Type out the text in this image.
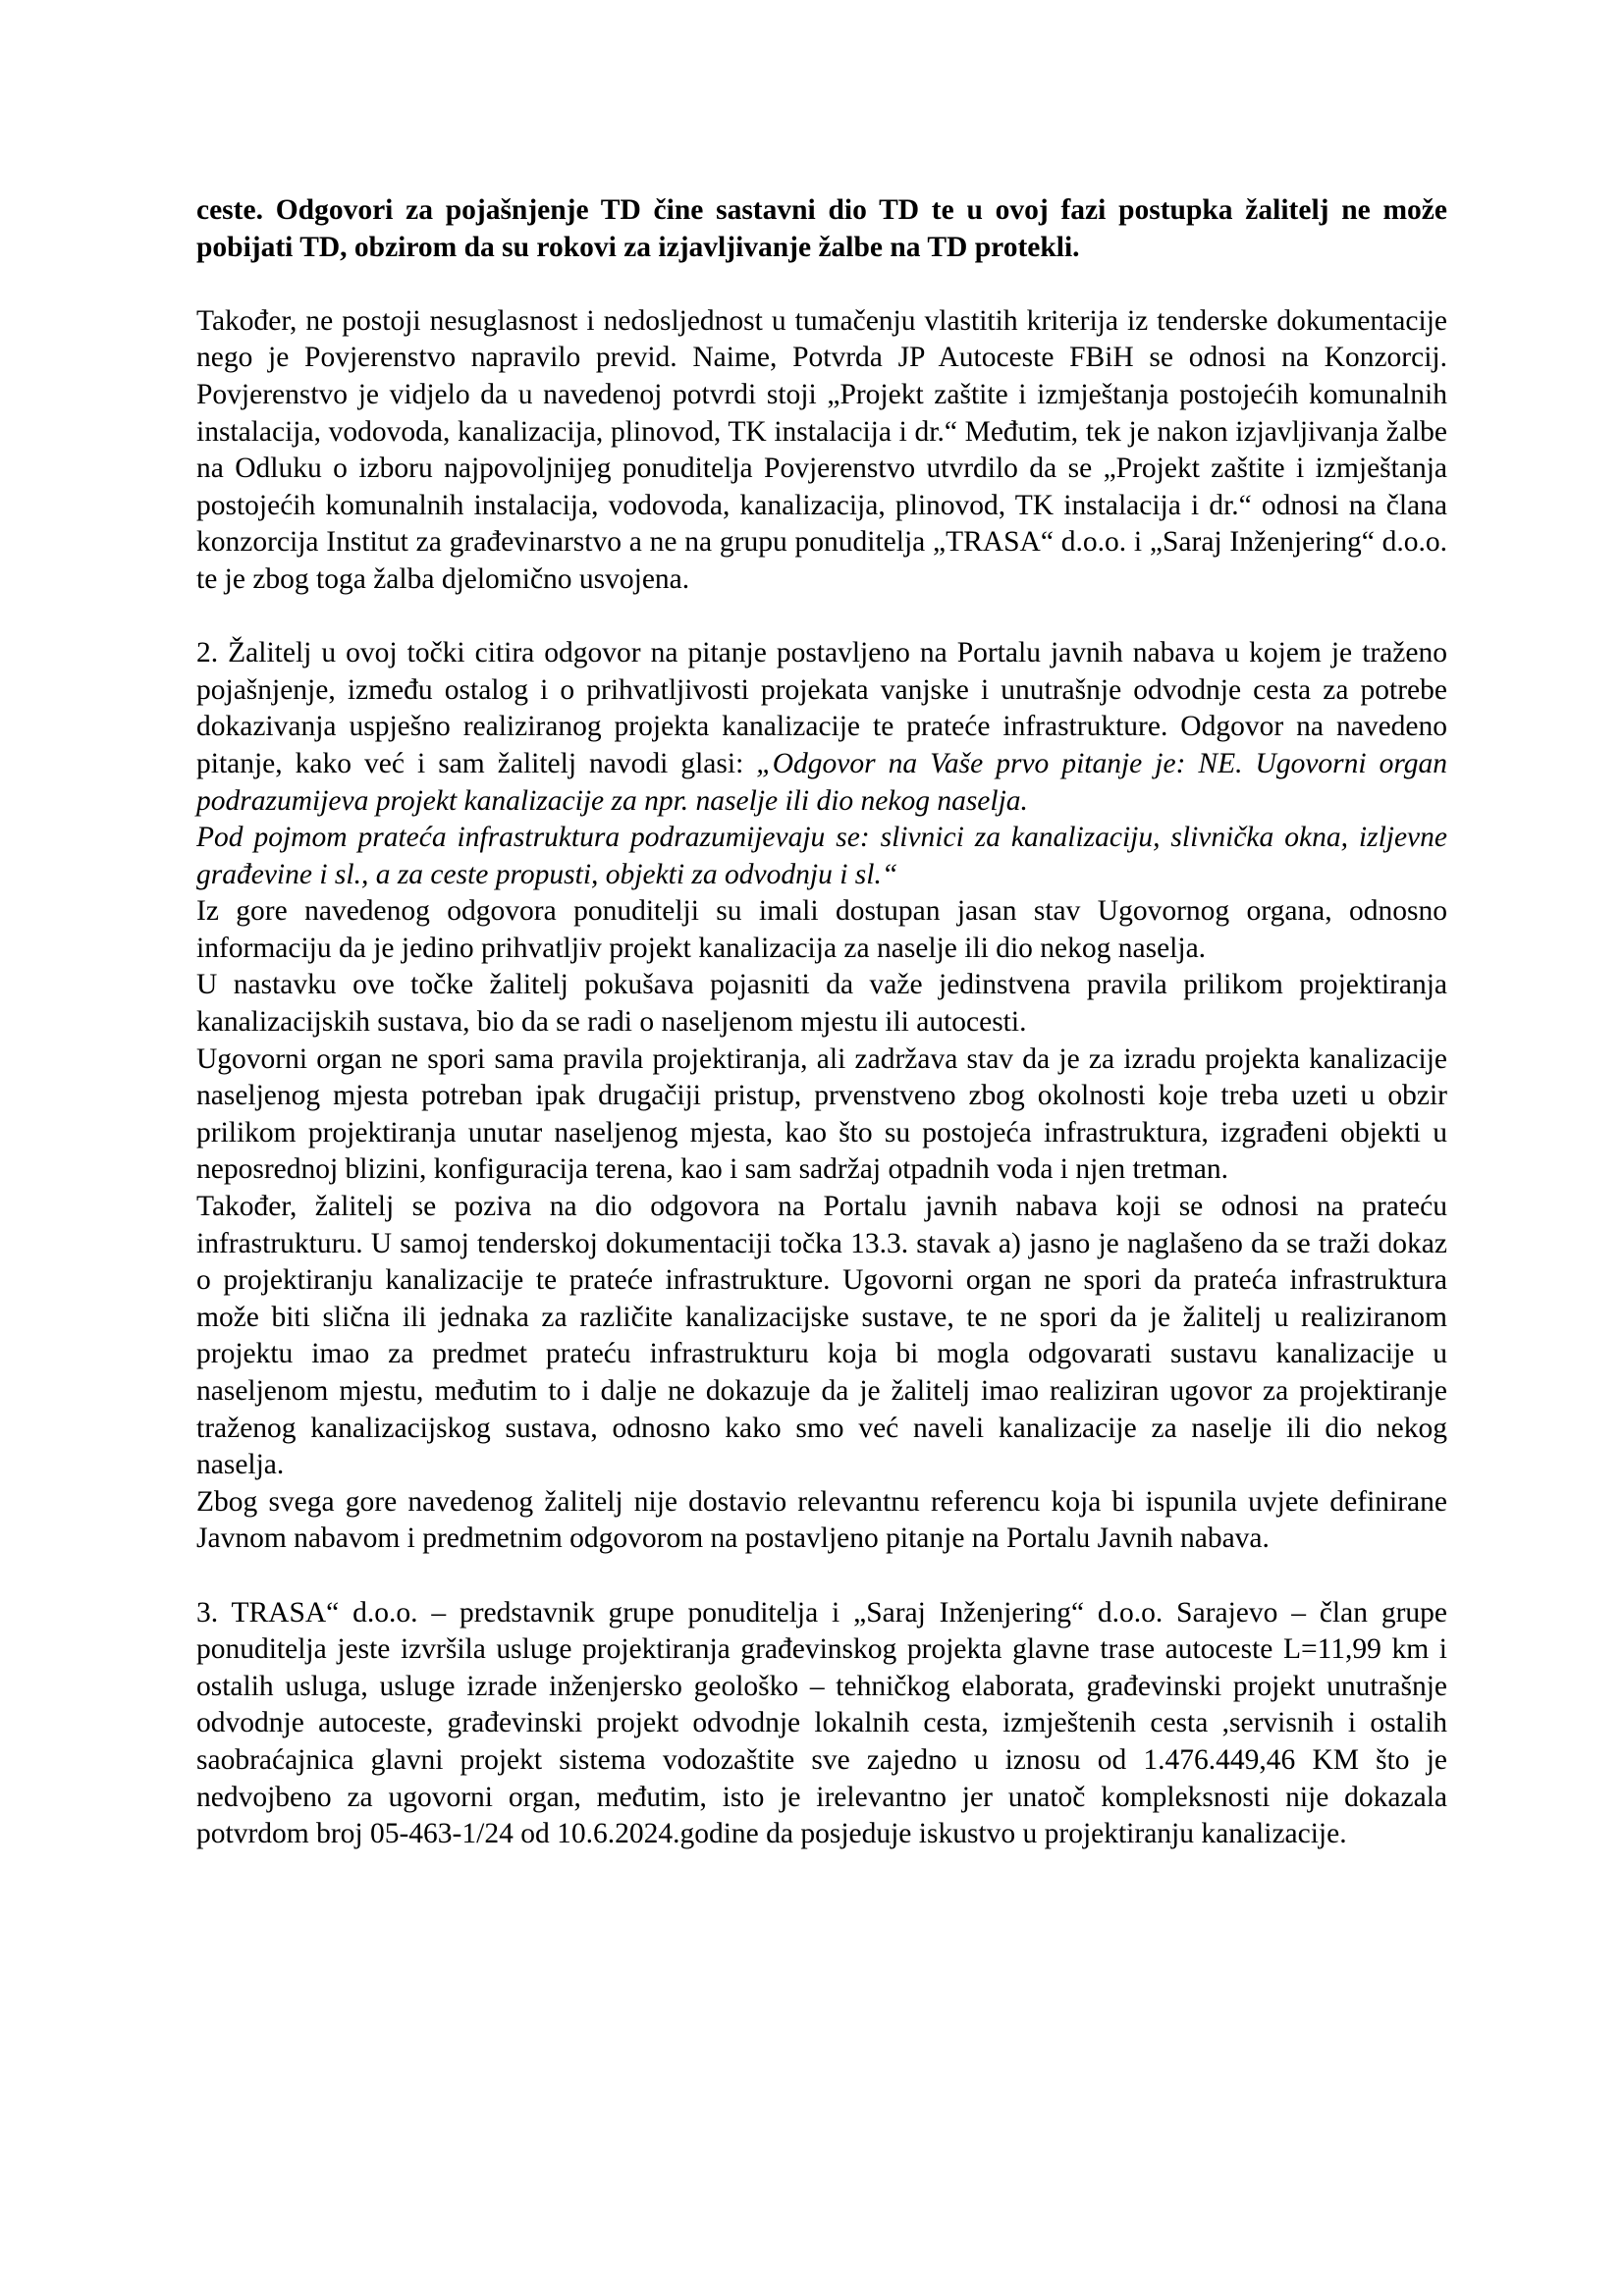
ceste. Odgovori za pojašnjenje TD čine sastavni dio TD te u ovoj fazi postupka žalitelj ne može pobijati TD, obzirom da su rokovi za izjavljivanje žalbe na TD protekli.

Također, ne postoji nesuglasnost i nedosljednost u tumačenju vlastitih kriterija iz tenderske dokumentacije nego je Povjerenstvo napravilo previd. Naime, Potvrda JP Autoceste FBiH se odnosi na Konzorcij. Povjerenstvo je vidjelo da u navedenoj potvrdi stoji „Projekt zaštite i izmještanja postojećih komunalnih instalacija, vodovoda, kanalizacija, plinovod, TK instalacija i dr.“ Međutim, tek je nakon izjavljivanja žalbe na Odluku o izboru najpovoljnijeg ponuditelja Povjerenstvo utvrdilo da se „Projekt zaštite i izmještanja postojećih komunalnih instalacija, vodovoda, kanalizacija, plinovod, TK instalacija i dr.“ odnosi na člana konzorcija Institut za građevinarstvo a ne na grupu ponuditelja „TRASA“ d.o.o. i „Saraj Inženjering“ d.o.o. te je zbog toga žalba djelomično usvojena.

2. Žalitelj u ovoj točki citira odgovor na pitanje postavljeno na Portalu javnih nabava u kojem je traženo pojašnjenje, između ostalog i o prihvatljivosti projekata vanjske i unutrašnje odvodnje cesta za potrebe dokazivanja uspješno realiziranog projekta kanalizacije te prateće infrastrukture. Odgovor na navedeno pitanje, kako već i sam žalitelj navodi glasi: „Odgovor na Vaše prvo pitanje je: NE. Ugovorni organ podrazumijeva projekt kanalizacije za npr. naselje ili dio nekog naselja.

Pod pojmom prateća infrastruktura podrazumijevaju se: slivnici za kanalizaciju, slivnička okna, izljevne građevine i sl., a za ceste propusti, objekti za odvodnju i sl.“

Iz gore navedenog odgovora ponuditelji su imali dostupan jasan stav Ugovornog organa, odnosno informaciju da je jedino prihvatljiv projekt kanalizacija za naselje ili dio nekog naselja.

U nastavku ove točke žalitelj pokušava pojasniti da važe jedinstvena pravila prilikom projektiranja kanalizacijskih sustava, bio da se radi o naseljenom mjestu ili autocesti.

Ugovorni organ ne spori sama pravila projektiranja, ali zadržava stav da je za izradu projekta kanalizacije naseljenog mjesta potreban ipak drugačiji pristup, prvenstveno zbog okolnosti koje treba uzeti u obzir prilikom projektiranja unutar naseljenog mjesta, kao što su postojeća infrastruktura, izgrađeni objekti u neposrednoj blizini, konfiguracija terena, kao i sam sadržaj otpadnih voda i njen tretman.

Također, žalitelj se poziva na dio odgovora na Portalu javnih nabava koji se odnosi na prateću infrastrukturu. U samoj tenderskoj dokumentaciji točka 13.3. stavak a) jasno je naglašeno da se traži dokaz o projektiranju kanalizacije te prateće infrastrukture. Ugovorni organ ne spori da prateća infrastruktura može biti slična ili jednaka za različite kanalizacijske sustave, te ne spori da je žalitelj u realiziranom projektu imao za predmet prateću infrastrukturu koja bi mogla odgovarati sustavu kanalizacije u naseljenom mjestu, međutim to i dalje ne dokazuje da je žalitelj imao realiziran ugovor za projektiranje traženog kanalizacijskog sustava, odnosno kako smo već naveli kanalizacije za naselje ili dio nekog naselja.

Zbog svega gore navedenog žalitelj nije dostavio relevantnu referencu koja bi ispunila uvjete definirane Javnom nabavom i predmetnim odgovorom na postavljeno pitanje na Portalu Javnih nabava.

3. TRASA“ d.o.o. – predstavnik grupe ponuditelja i „Saraj Inženjering“ d.o.o. Sarajevo – član grupe ponuditelja jeste izvršila usluge projektiranja građevinskog projekta glavne trase autoceste L=11,99 km i ostalih usluga, usluge izrade inženjersko geološko – tehničkog elaborata, građevinski projekt unutrašnje odvodnje autoceste, građevinski projekt odvodnje lokalnih cesta, izmještenih cesta ,servisnih i ostalih saobraćajnica glavni projekt sistema vodozaštite sve zajedno u iznosu od 1.476.449,46 KM što je nedvojbeno za ugovorni organ, međutim, isto je irelevantno jer unatoč kompleksnosti nije dokazala potvrdom broj 05-463-1/24 od 10.6.2024.godine da posjeduje iskustvo u projektiranju kanalizacije.
